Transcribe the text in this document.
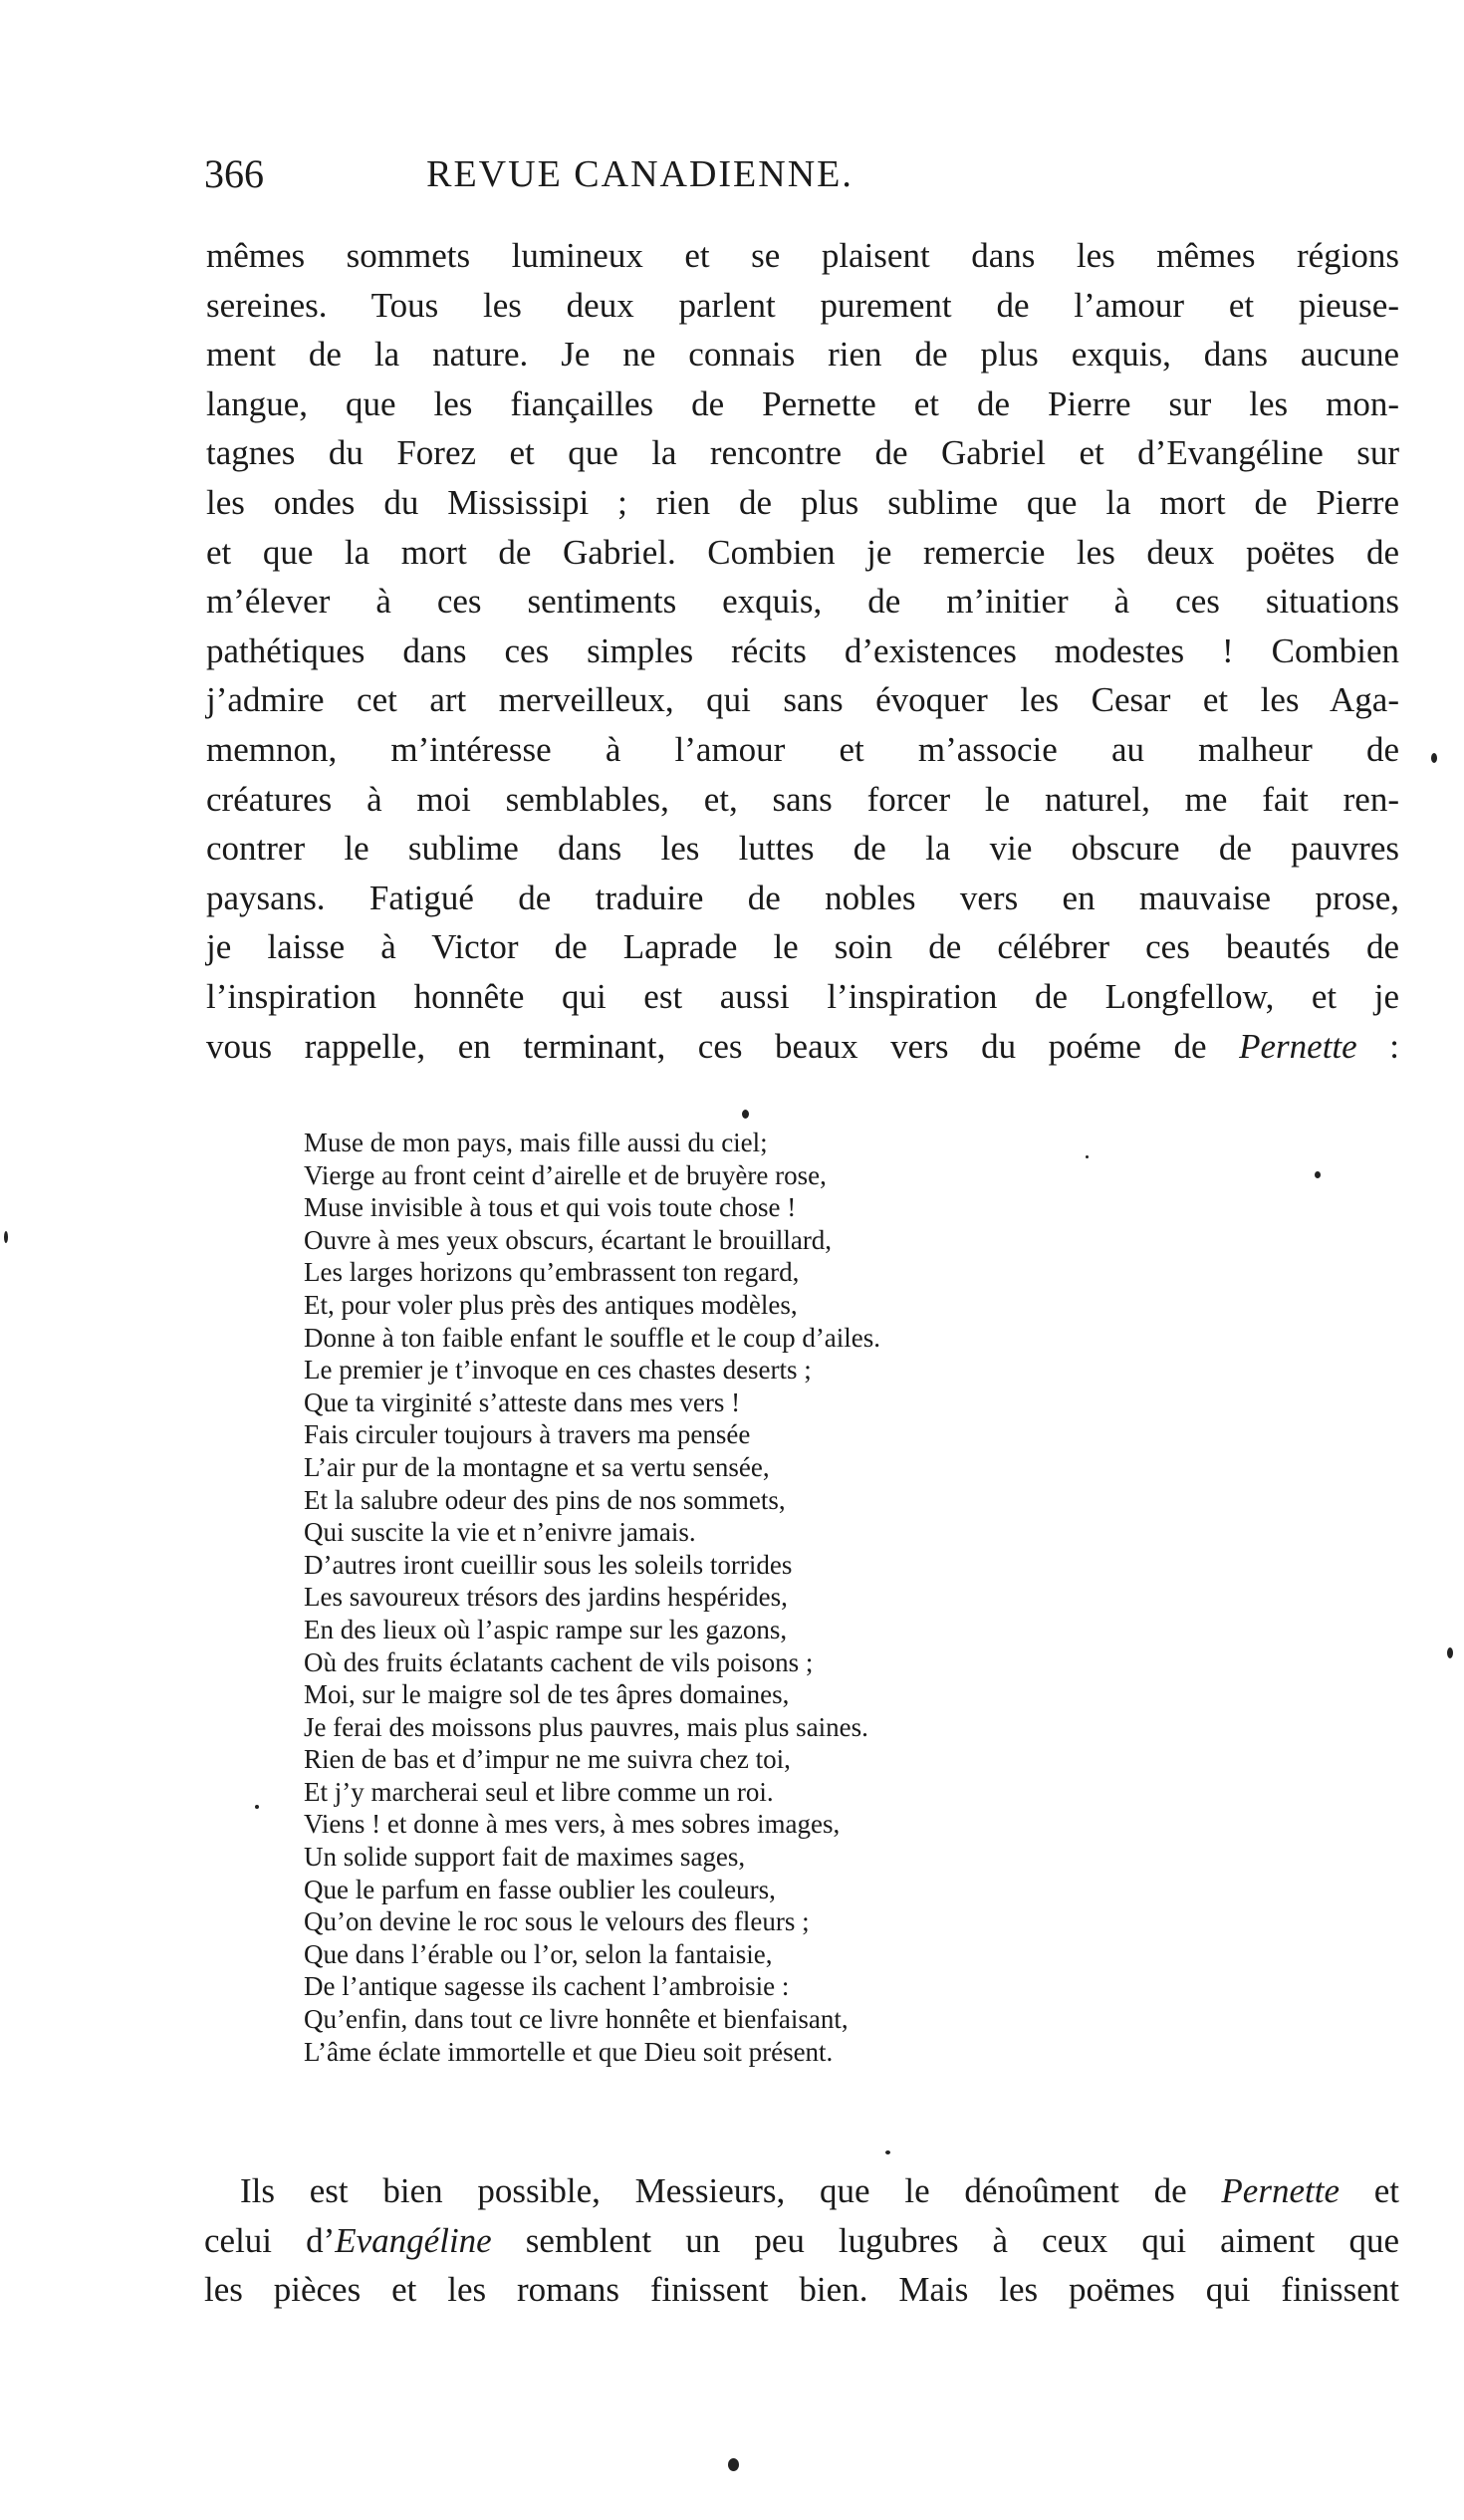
366	REVUE CANADIENNE.
mêmes sommets lumineux et se plaisent dans les mêmes régions
sereines. Tous les deux parlent purement de l’amour et pieuse-
ment de la nature. Je ne connais rien de plus exquis, dans aucune
langue, que les fiançailles de Pernette et de Pierre sur les mon-
tagnes du Forez et que la rencontre de Gabriel et d’Evangéline sur
les ondes du Mississipi ; rien de plus sublime que la mort de Pierre
et que la mort de Gabriel. Combien je remercie les deux poëtes de
m’élever à ces sentiments exquis, de m’initier à ces situations
pathétiques dans ces simples récits d’existences modestes ! Combien
j’admire cet art merveilleux, qui sans évoquer les Cesar et les Aga-
memnon, m’intéresse à l’amour et m’associe au malheur de
créatures à moi semblables, et, sans forcer le naturel, me fait ren-
contrer le sublime dans les luttes de la vie obscure de pauvres
paysans. Fatigué de traduire de nobles vers en mauvaise prose,
je laisse à Victor de Laprade le soin de célébrer ces beautés de
l’inspiration honnête qui est aussi l’inspiration de Longfellow, et je
vous rappelle, en terminant, ces beaux vers du poéme de Pernette :
Muse de mon pays, mais fille aussi du ciel;
Vierge au front ceint d’airelle et de bruyère rose,
Muse invisible à tous et qui vois toute chose !
Ouvre à mes yeux obscurs, écartant le brouillard,
Les larges horizons qu’embrassent ton regard,
Et, pour voler plus près des antiques modèles,
Donne à ton faible enfant le souffle et le coup d’ailes.
Le premier je t’invoque en ces chastes deserts ;
Que ta virginité s’atteste dans mes vers !
Fais circuler toujours à travers ma pensée
L’air pur de la montagne et sa vertu sensée,
Et la salubre odeur des pins de nos sommets,
Qui suscite la vie et n’enivre jamais.
D’autres iront cueillir sous les soleils torrides
Les savoureux trésors des jardins hespérides,
En des lieux où l’aspic rampe sur les gazons,
Où des fruits éclatants cachent de vils poisons ;
Moi, sur le maigre sol de tes âpres domaines,
Je ferai des moissons plus pauvres, mais plus saines.
Rien de bas et d’impur ne me suivra chez toi,
Et j’y marcherai seul et libre comme un roi.
Viens ! et donne à mes vers, à mes sobres images,
Un solide support fait de maximes sages,
Que le parfum en fasse oublier les couleurs,
Qu’on devine le roc sous le velours des fleurs ;
Que dans l’érable ou l’or, selon la fantaisie,
De l’antique sagesse ils cachent l’ambroisie :
Qu’enfin, dans tout ce livre honnête et bienfaisant,
L’âme éclate immortelle et que Dieu soit présent.
Ils est bien possible, Messieurs, que le dénoûment de Pernette et
celui d’Evangéline semblent un peu lugubres à ceux qui aiment que
les pièces et les romans finissent bien. Mais les poëmes qui finissent
